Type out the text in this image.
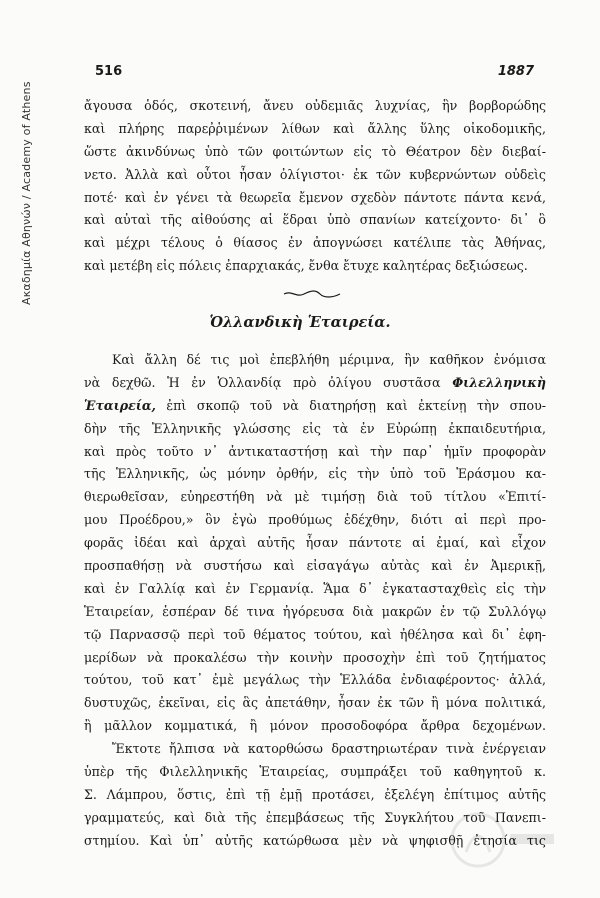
Ακαδημία Αθηνών / Academy of Athens
516	1887
ἄγουσα ὁδός, σκοτεινή, ἄνευ οὐδεμιᾶς λυχνίας, ἣν βορβορώδης
καὶ πλήρης παρεῤῥιμένων λίθων καὶ ἄλλης ὕλης οἰκοδομικῆς,
ὥστε ἀκινδύνως ὑπὸ τῶν φοιτώντων εἰς τὸ Θέατρον δὲν διεβαί-
νετο. Ἀλλὰ καὶ οὗτοι ἦσαν ὀλίγιστοι· ἐκ τῶν κυβερνώντων οὐδεὶς
ποτέ· καὶ ἐν γένει τὰ θεωρεῖα ἔμενον σχεδὸν πάντοτε πάντα κενά,
καὶ αὐταὶ τῆς αἰθούσης αἱ ἕδραι ὑπὸ σπανίων κατείχοντο· δι᾽ ὃ
καὶ μέχρι τέλους ὁ θίασος ἐν ἀπογνώσει κατέλιπε τὰς Ἀθήνας,
καὶ μετέβη εἰς πόλεις ἐπαρχιακάς, ἔνθα ἔτυχε καλητέρας δεξιώσεως.
Ὁλλανδικὴ Ἑταιρεία.
Καὶ ἄλλη δέ τις μοὶ ἐπεβλήθη μέριμνα, ἣν καθῆκον ἐνόμισα
νὰ δεχθῶ. Ἡ ἐν Ὁλλανδίᾳ πρὸ ὀλίγου συστᾶσα Φιλελληνικὴ
Ἑταιρεία, ἐπὶ σκοπῷ τοῦ νὰ διατηρήσῃ καὶ ἐκτείνῃ τὴν σπου-
δὴν τῆς Ἑλληνικῆς γλώσσης εἰς τὰ ἐν Εὐρώπῃ ἐκπαιδευτήρια,
καὶ πρὸς τοῦτο ν᾽ ἀντικαταστήσῃ καὶ τὴν παρ᾽ ἡμῖν προφορὰν
τῆς Ἑλληνικῆς, ὡς μόνην ὀρθήν, εἰς τὴν ὑπὸ τοῦ Ἐράσμου κα-
θιερωθεῖσαν, εὐηρεστήθη νὰ μὲ τιμήσῃ διὰ τοῦ τίτλου «Ἐπιτί-
μου Προέδρου,» ὃν ἐγὼ προθύμως ἐδέχθην, διότι αἱ περὶ προ-
φορᾶς ἰδέαι καὶ ἀρχαὶ αὐτῆς ἦσαν πάντοτε αἱ ἐμαί, καὶ εἶχον
προσπαθήσῃ νὰ συστήσω καὶ εἰσαγάγω αὐτὰς καὶ ἐν Ἀμερικῇ,
καὶ ἐν Γαλλίᾳ καὶ ἐν Γερμανίᾳ. Ἅμα δ᾽ ἐγκατασταχθεὶς εἰς τὴν
Ἑταιρείαν, ἑσπέραν δέ τινα ἠγόρευσα διὰ μακρῶν ἐν τῷ Συλλόγῳ
τῷ Παρνασσῷ περὶ τοῦ θέματος τούτου, καὶ ἠθέλησα καὶ δι᾽ ἐφη-
μερίδων νὰ προκαλέσω τὴν κοινὴν προσοχὴν ἐπὶ τοῦ ζητήματος
τούτου, τοῦ κατ᾽ ἐμὲ μεγάλως τὴν Ἑλλάδα ἐνδιαφέροντος· ἀλλά,
δυστυχῶς, ἐκεῖναι, εἰς ἃς ἀπετάθην, ἦσαν ἐκ τῶν ἢ μόνα πολιτικά,
ἢ μᾶλλον κομματικά, ἢ μόνον προσοδοφόρα ἄρθρα δεχομένων.
Ἔκτοτε ἤλπισα νὰ κατορθώσω δραστηριωτέραν τινὰ ἐνέργειαν
ὑπὲρ τῆς Φιλελληνικῆς Ἑταιρείας, συμπράξει τοῦ καθηγητοῦ κ.
Σ. Λάμπρου, ὅστις, ἐπὶ τῇ ἐμῇ προτάσει, ἐξελέγη ἐπίτιμος αὐτῆς
γραμματεύς, καὶ διὰ τῆς ἐπεμβάσεως τῆς Συγκλήτου τοῦ Πανεπι-
στημίου. Καὶ ὑπ᾽ αὐτῆς κατώρθωσα μὲν νὰ ψηφισθῇ ἐτησία τις
